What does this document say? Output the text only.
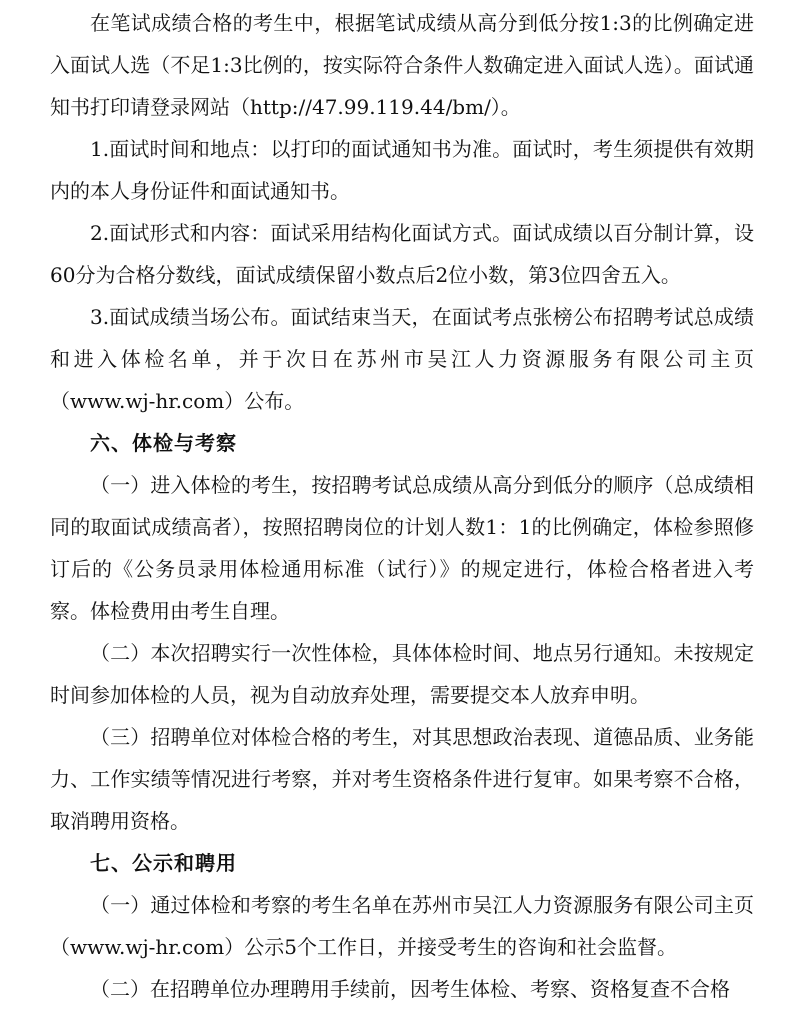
在笔试成绩合格的考生中，根据笔试成绩从高分到低分按1:3的比例确定进入面试人选（不足1:3比例的，按实际符合条件人数确定进入面试人选）。面试通知书打印请登录网站（http://47.99.119.44/bm/）。

1.面试时间和地点：以打印的面试通知书为准。面试时，考生须提供有效期内的本人身份证件和面试通知书。

2.面试形式和内容：面试采用结构化面试方式。面试成绩以百分制计算，设60分为合格分数线，面试成绩保留小数点后2位小数，第3位四舍五入。

3.面试成绩当场公布。面试结束当天，在面试考点张榜公布招聘考试总成绩和进入体检名单，并于次日在苏州市吴江人力资源服务有限公司主页（www.wj-hr.com）公布。

六、体检与考察

（一）进入体检的考生，按招聘考试总成绩从高分到低分的顺序（总成绩相同的取面试成绩高者），按照招聘岗位的计划人数1：1的比例确定，体检参照修订后的《公务员录用体检通用标准（试行）》的规定进行，体检合格者进入考察。体检费用由考生自理。

（二）本次招聘实行一次性体检，具体体检时间、地点另行通知。未按规定时间参加体检的人员，视为自动放弃处理，需要提交本人放弃申明。

（三）招聘单位对体检合格的考生，对其思想政治表现、道德品质、业务能力、工作实绩等情况进行考察，并对考生资格条件进行复审。如果考察不合格，取消聘用资格。

七、公示和聘用

（一）通过体检和考察的考生名单在苏州市吴江人力资源服务有限公司主页（www.wj-hr.com）公示5个工作日，并接受考生的咨询和社会监督。

（二）在招聘单位办理聘用手续前，因考生体检、考察、资格复查不合格
